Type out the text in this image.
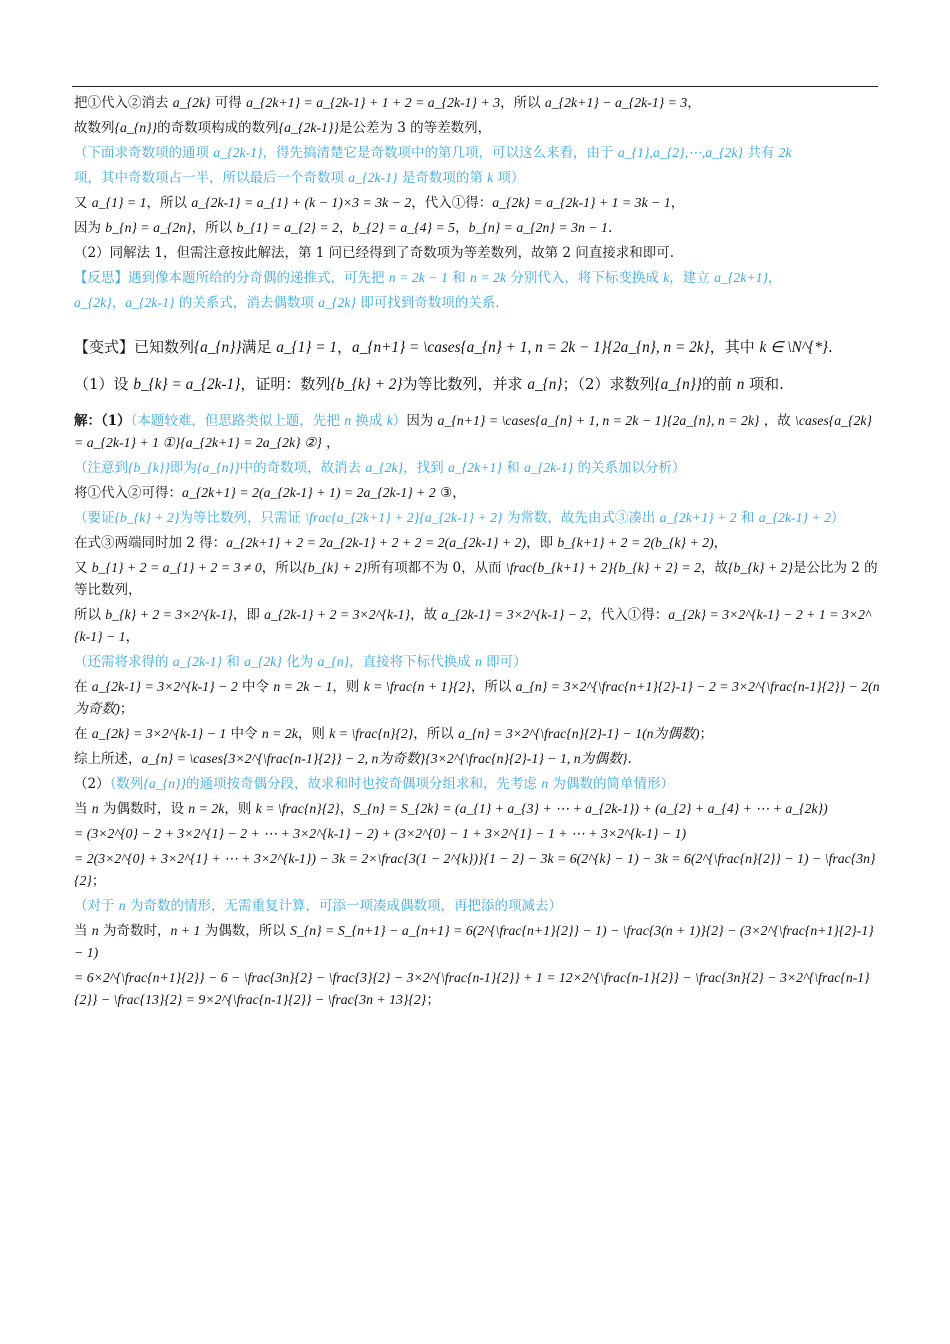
把①代入②消去 a_{2k} 可得 a_{2k+1} = a_{2k-1} + 1 + 2 = a_{2k-1} + 3，所以 a_{2k+1} − a_{2k-1} = 3，
故数列{a_{n}}的奇数项构成的数列{a_{2k-1}}是公差为 3 的等差数列，
（下面求奇数项的通项 a_{2k-1}，得先搞清楚它是奇数项中的第几项，可以这么来看，由于 a_{1},a_{2},⋯,a_{2k} 共有 2k
项，其中奇数项占一半，所以最后一个奇数项 a_{2k-1} 是奇数项的第 k 项）
又 a_{1} = 1，所以 a_{2k-1} = a_{1} + (k − 1)×3 = 3k − 2，代入①得：a_{2k} = a_{2k-1} + 1 = 3k − 1，
因为 b_{n} = a_{2n}，所以 b_{1} = a_{2} = 2，b_{2} = a_{4} = 5，b_{n} = a_{2n} = 3n − 1.
（2）同解法 1，但需注意按此解法，第 1 问已经得到了奇数项为等差数列，故第 2 问直接求和即可.
【反思】遇到像本题所给的分奇偶的递推式，可先把 n = 2k − 1 和 n = 2k 分别代入，将下标变换成 k，建立 a_{2k+1}，
a_{2k}，a_{2k-1} 的关系式，消去偶数项 a_{2k} 即可找到奇数项的关系.
【变式】已知数列{a_{n}}满足 a_{1} = 1，a_{n+1} = \cases{a_{n} + 1, n = 2k − 1}{2a_{n}, n = 2k}，其中 k ∈ \N^{*}.
（1）设 b_{k} = a_{2k-1}，证明：数列{b_{k} + 2}为等比数列，并求 a_{n}；（2）求数列{a_{n}}的前 n 项和.
解：（1）（本题较难，但思路类似上题，先把 n 换成 k）因为 a_{n+1} = \cases{a_{n} + 1, n = 2k − 1}{2a_{n}, n = 2k} ，故 \cases{a_{2k} = a_{2k-1} + 1 ①}{a_{2k+1} = 2a_{2k} ②} ，
（注意到{b_{k}}即为{a_{n}}中的奇数项，故消去 a_{2k}，找到 a_{2k+1} 和 a_{2k-1} 的关系加以分析）
将①代入②可得：a_{2k+1} = 2(a_{2k-1} + 1) = 2a_{2k-1} + 2 ③，
（要证{b_{k} + 2}为等比数列，只需证 \frac{a_{2k+1} + 2}{a_{2k-1} + 2} 为常数，故先由式③凑出 a_{2k+1} + 2 和 a_{2k-1} + 2）
在式③两端同时加 2 得：a_{2k+1} + 2 = 2a_{2k-1} + 2 + 2 = 2(a_{2k-1} + 2)，即 b_{k+1} + 2 = 2(b_{k} + 2)，
又 b_{1} + 2 = a_{1} + 2 = 3 ≠ 0，所以{b_{k} + 2}所有项都不为 0，从而 \frac{b_{k+1} + 2}{b_{k} + 2} = 2，故{b_{k} + 2}是公比为 2 的等比数列，
所以 b_{k} + 2 = 3×2^{k-1}，即 a_{2k-1} + 2 = 3×2^{k-1}，故 a_{2k-1} = 3×2^{k-1} − 2，代入①得：a_{2k} = 3×2^{k-1} − 2 + 1 = 3×2^{k-1} − 1，
（还需将求得的 a_{2k-1} 和 a_{2k} 化为 a_{n}，直接将下标代换成 n 即可）
在 a_{2k-1} = 3×2^{k-1} − 2 中令 n = 2k − 1，则 k = \frac{n + 1}{2}，所以 a_{n} = 3×2^{\frac{n+1}{2}-1} − 2 = 3×2^{\frac{n-1}{2}} − 2(n为奇数)；
在 a_{2k} = 3×2^{k-1} − 1 中令 n = 2k，则 k = \frac{n}{2}，所以 a_{n} = 3×2^{\frac{n}{2}-1} − 1(n为偶数)；
综上所述，a_{n} = \cases{3×2^{\frac{n-1}{2}} − 2, n为奇数}{3×2^{\frac{n}{2}-1} − 1, n为偶数}.
（2）（数列{a_{n}}的通项按奇偶分段，故求和时也按奇偶项分组求和，先考虑 n 为偶数的简单情形）
当 n 为偶数时，设 n = 2k，则 k = \frac{n}{2}，S_{n} = S_{2k} = (a_{1} + a_{3} + ⋯ + a_{2k-1}) + (a_{2} + a_{4} + ⋯ + a_{2k})
= (3×2^{0} − 2 + 3×2^{1} − 2 + ⋯ + 3×2^{k-1} − 2) + (3×2^{0} − 1 + 3×2^{1} − 1 + ⋯ + 3×2^{k-1} − 1)
= 2(3×2^{0} + 3×2^{1} + ⋯ + 3×2^{k-1}) − 3k = 2×\frac{3(1 − 2^{k})}{1 − 2} − 3k = 6(2^{k} − 1) − 3k = 6(2^{\frac{n}{2}} − 1) − \frac{3n}{2}；
（对于 n 为奇数的情形，无需重复计算，可添一项凑成偶数项，再把添的项减去）
当 n 为奇数时，n + 1 为偶数，所以 S_{n} = S_{n+1} − a_{n+1} = 6(2^{\frac{n+1}{2}} − 1) − \frac{3(n + 1)}{2} − (3×2^{\frac{n+1}{2}-1} − 1)
= 6×2^{\frac{n+1}{2}} − 6 − \frac{3n}{2} − \frac{3}{2} − 3×2^{\frac{n-1}{2}} + 1 = 12×2^{\frac{n-1}{2}} − \frac{3n}{2} − 3×2^{\frac{n-1}{2}} − \frac{13}{2} = 9×2^{\frac{n-1}{2}} − \frac{3n + 13}{2}；
